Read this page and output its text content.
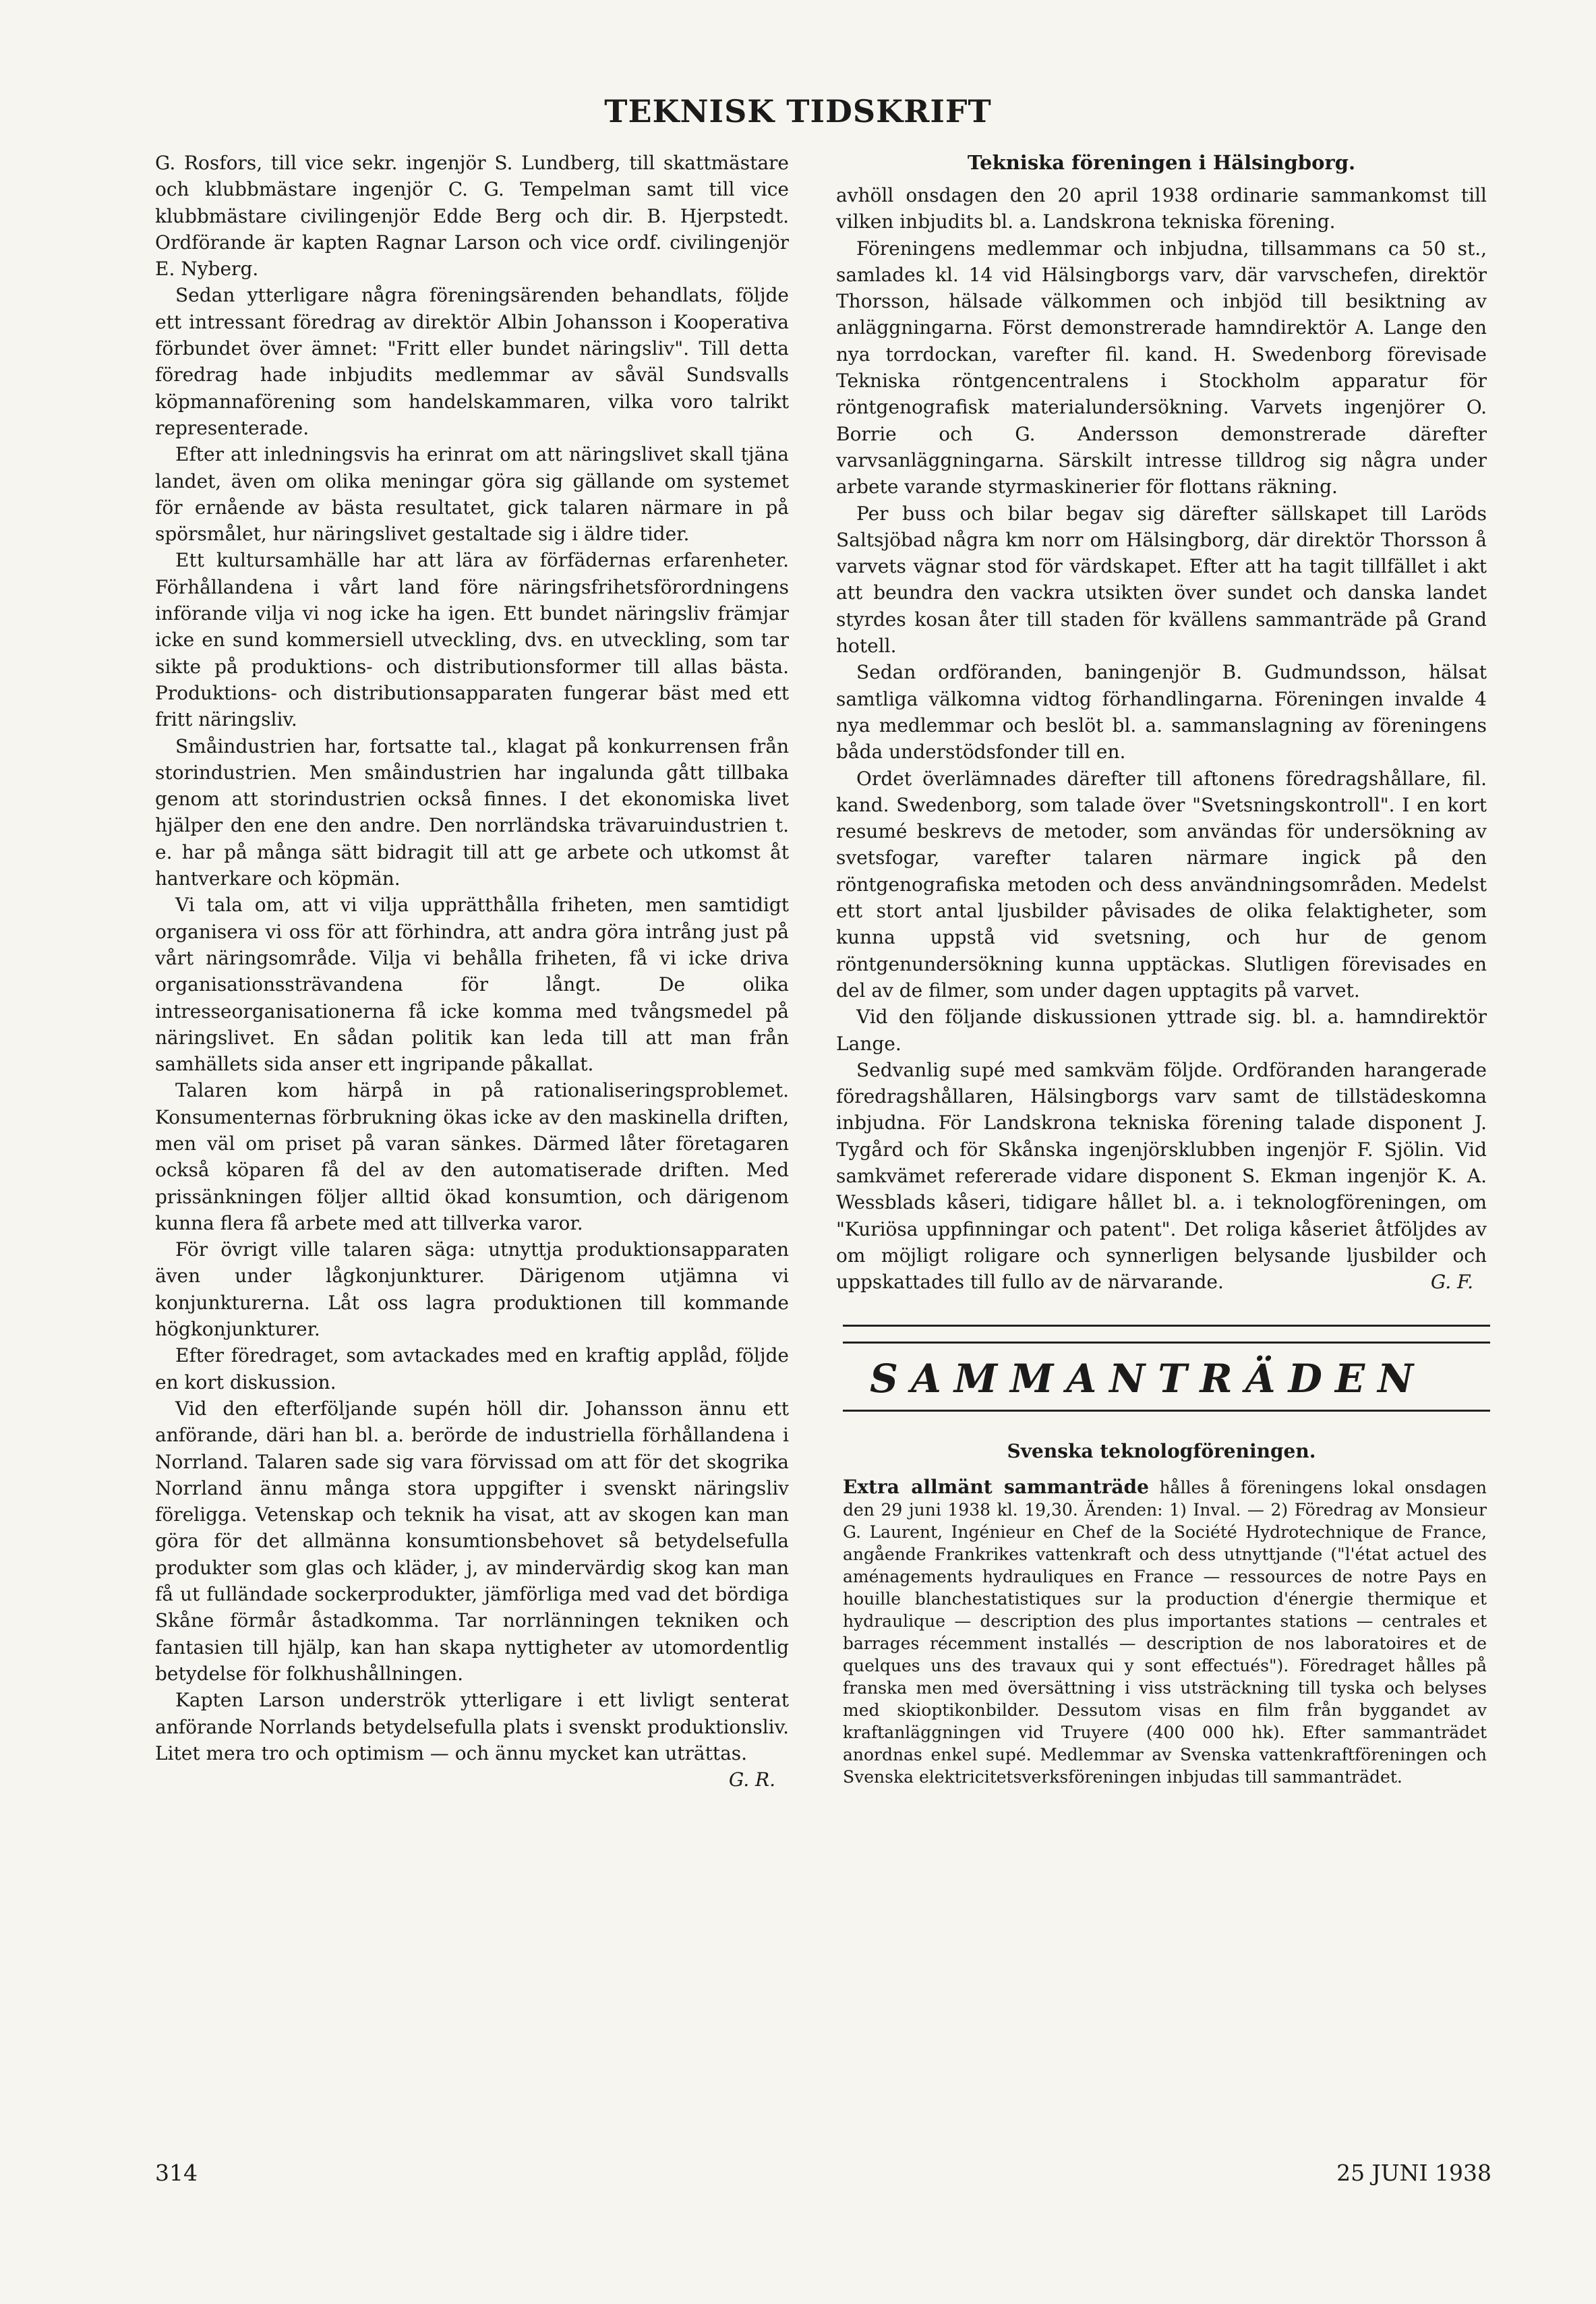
TEKNISK TIDSKRIFT

G. Rosfors, till vice sekr. ingenjör S. Lundberg, till skattmästare och klubbmästare ingenjör C. G. Tempelman samt till vice klubbmästare civilingenjör Edde Berg och dir. B. Hjerpstedt. Ordförande är kapten Ragnar Larson och vice ordf. civilingenjör E. Nyberg.

Sedan ytterligare några föreningsärenden behandlats, följde ett intressant föredrag av direktör Albin Johansson i Kooperativa förbundet över ämnet: "Fritt eller bundet näringsliv". Till detta föredrag hade inbjudits medlemmar av såväl Sundsvalls köpmannaförening som handelskammaren, vilka voro talrikt representerade.

Efter att inledningsvis ha erinrat om att näringslivet skall tjäna landet, även om olika meningar göra sig gällande om systemet för ernående av bästa resultatet, gick talaren närmare in på spörsmålet, hur näringslivet gestaltade sig i äldre tider.

Ett kultursamhälle har att lära av förfädernas erfarenheter. Förhållandena i vårt land före näringsfrihetsförordningens införande vilja vi nog icke ha igen. Ett bundet näringsliv främjar icke en sund kommersiell utveckling, dvs. en utveckling, som tar sikte på produktions- och distributionsformer till allas bästa. Produktions- och distributionsapparaten fungerar bäst med ett fritt näringsliv.

Småindustrien har, fortsatte tal., klagat på konkurrensen från storindustrien. Men småindustrien har ingalunda gått tillbaka genom att storindustrien också finnes. I det ekonomiska livet hjälper den ene den andre. Den norrländska trävaruindustrien t. e. har på många sätt bidragit till att ge arbete och utkomst åt hantverkare och köpmän.

Vi tala om, att vi vilja upprätthålla friheten, men samtidigt organisera vi oss för att förhindra, att andra göra intrång just på vårt näringsområde. Vilja vi behålla friheten, få vi icke driva organisationssträvandena för långt. De olika intresseorganisationerna få icke komma med tvångsmedel på näringslivet. En sådan politik kan leda till att man från samhällets sida anser ett ingripande påkallat.

Talaren kom härpå in på rationaliseringsproblemet. Konsumenternas förbrukning ökas icke av den maskinella driften, men väl om priset på varan sänkes. Därmed låter företagaren också köparen få del av den automatiserade driften. Med prissänkningen följer alltid ökad konsumtion, och därigenom kunna flera få arbete med att tillverka varor.

För övrigt ville talaren säga: utnyttja produktionsapparaten även under lågkonjunkturer. Därigenom utjämna vi konjunkturerna. Låt oss lagra produktionen till kommande högkonjunkturer.

Efter föredraget, som avtackades med en kraftig applåd, följde en kort diskussion.

Vid den efterföljande supén höll dir. Johansson ännu ett anförande, däri han bl. a. berörde de industriella förhållandena i Norrland. Talaren sade sig vara förvissad om att för det skogrika Norrland ännu många stora uppgifter i svenskt näringsliv föreligga. Vetenskap och teknik ha visat, att av skogen kan man göra för det allmänna konsumtionsbehovet så betydelsefulla produkter som glas och kläder, j, av mindervärdig skog kan man få ut fulländade sockerprodukter, jämförliga med vad det bördiga Skåne förmår åstadkomma. Tar norrlänningen tekniken och fantasien till hjälp, kan han skapa nyttigheter av utomordentlig betydelse för folkhushållningen.

Kapten Larson underströk ytterligare i ett livligt senterat anförande Norrlands betydelsefulla plats i svenskt produktionsliv. Litet mera tro och optimism — och ännu mycket kan uträttas.
G. R.

Tekniska föreningen i Hälsingborg.

avhöll onsdagen den 20 april 1938 ordinarie sammankomst till vilken inbjudits bl. a. Landskrona tekniska förening.

Föreningens medlemmar och inbjudna, tillsammans ca 50 st., samlades kl. 14 vid Hälsingborgs varv, där varvschefen, direktör Thorsson, hälsade välkommen och inbjöd till besiktning av anläggningarna. Först demonstrerade hamndirektör A. Lange den nya torrdockan, varefter fil. kand. H. Swedenborg förevisade Tekniska röntgencentralens i Stockholm apparatur för röntgenografisk materialundersökning. Varvets ingenjörer O. Borrie och G. Andersson demonstrerade därefter varvsanläggningarna. Särskilt intresse tilldrog sig några under arbete varande styrmaskinerier för flottans räkning.

Per buss och bilar begav sig därefter sällskapet till Laröds Saltsjöbad några km norr om Hälsingborg, där direktör Thorsson å varvets vägnar stod för värdskapet. Efter att ha tagit tillfället i akt att beundra den vackra utsikten över sundet och danska landet styrdes kosan åter till staden för kvällens sammanträde på Grand hotell.

Sedan ordföranden, baningenjör B. Gudmundsson, hälsat samtliga välkomna vidtog förhandlingarna. Föreningen invalde 4 nya medlemmar och beslöt bl. a. sammanslagning av föreningens båda understödsfonder till en.

Ordet överlämnades därefter till aftonens föredragshållare, fil. kand. Swedenborg, som talade över "Svetsningskontroll". I en kort resumé beskrevs de metoder, som användas för undersökning av svetsfogar, varefter talaren närmare ingick på den röntgenografiska metoden och dess användningsområden. Medelst ett stort antal ljusbilder påvisades de olika felaktigheter, som kunna uppstå vid svetsning, och hur de genom röntgenundersökning kunna upptäckas. Slutligen förevisades en del av de filmer, som under dagen upptagits på varvet.

Vid den följande diskussionen yttrade sig. bl. a. hamndirektör Lange.

Sedvanlig supé med samkväm följde. Ordföranden harangerade föredragshållaren, Hälsingborgs varv samt de tillstädeskomna inbjudna. För Landskrona tekniska förening talade disponent J. Tygård och för Skånska ingenjörsklubben ingenjör F. Sjölin. Vid samkvämet refererade vidare disponent S. Ekman ingenjör K. A. Wessblads kåseri, tidigare hållet bl. a. i teknologföreningen, om "Kuriösa uppfinningar och patent". Det roliga kåseriet åtföljdes av om möjligt roligare och synnerligen belysande ljusbilder och uppskattades till fullo av de närvarande.	G. F.

SAMMANTRÄDEN
Svenska teknologföreningen.
Extra allmänt sammanträde hålles å föreningens lokal onsdagen den 29 juni 1938 kl. 19,30. Ärenden: 1) Inval. — 2) Föredrag av Monsieur G. Laurent, Ingénieur en Chef de la Société Hydrotechnique de France, angående Frankrikes vattenkraft och dess utnyttjande ("l'état actuel des aménagements hydrauliques en France — ressources de notre Pays en houille blanchestatistiques sur la production d'énergie thermique et hydraulique — description des plus importantes stations — centrales et barrages récemment installés — description de nos laboratoires et de quelques uns des travaux qui y sont effectués"). Föredraget hålles på franska men med översättning i viss utsträckning till tyska och belyses med skioptikonbilder. Dessutom visas en film från byggandet av kraftanläggningen vid Truyere (400 000 hk). Efter sammanträdet anordnas enkel supé. Medlemmar av Svenska vattenkraftföreningen och Svenska elektricitetsverksföreningen inbjudas till sammanträdet.
314	25 JUNI 1938
